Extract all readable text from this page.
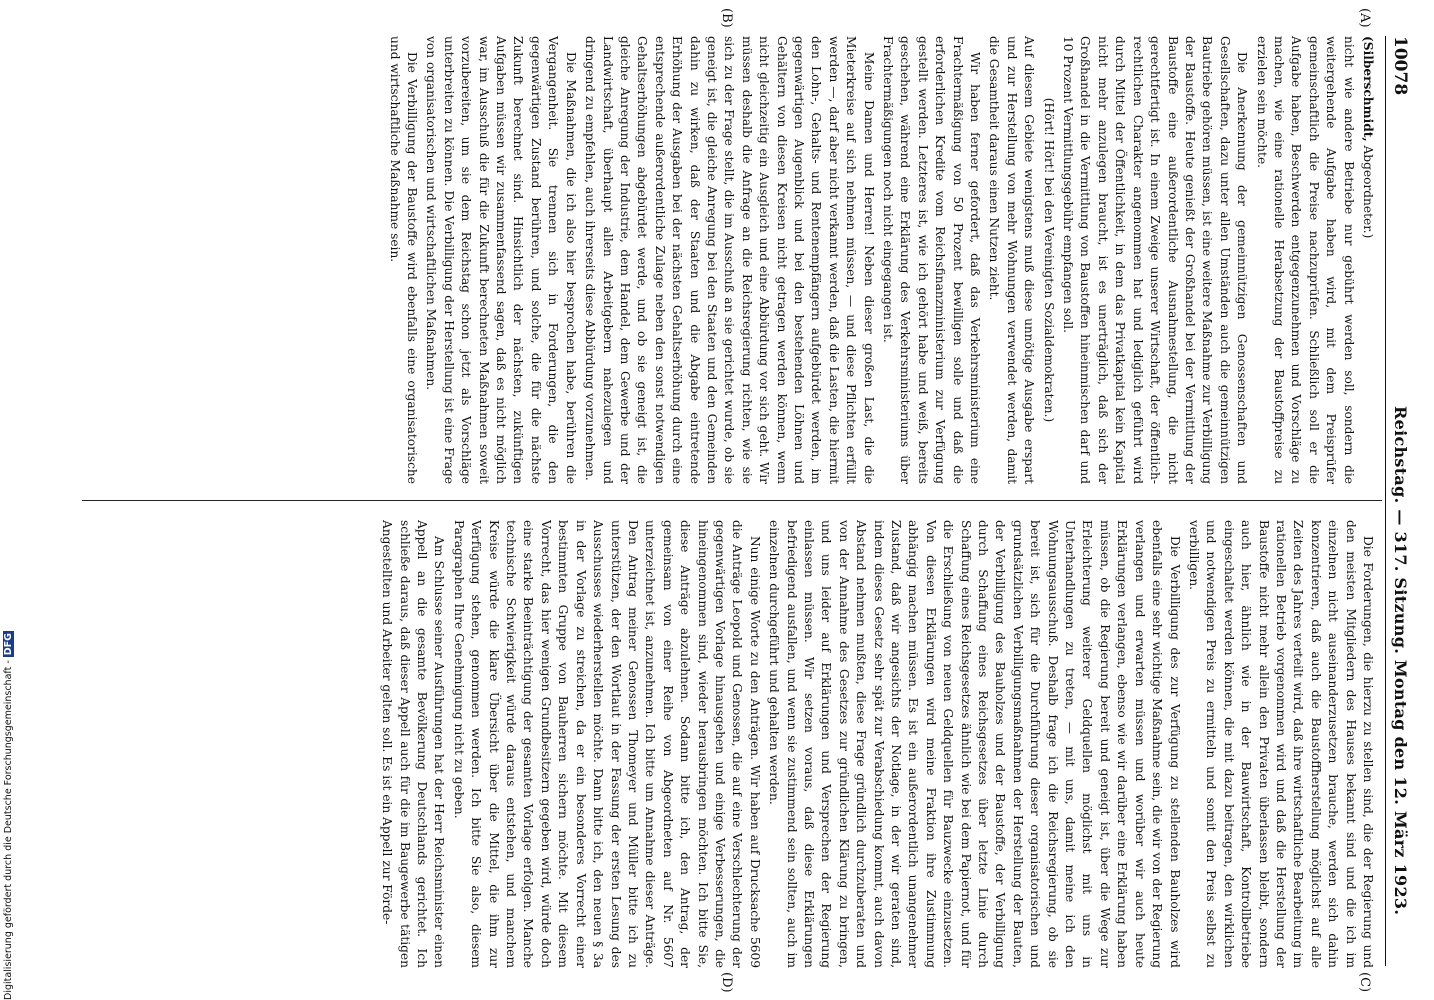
10078
Reichstag. — 317. Sitzung. Montag den 12. März 1923.
(A)
(B)
(C)
(D)

(Silberschmidt, Abgeordneter.)

nicht wie andere Betriebe nur gebührt werden soll, sondern die weitergehende Aufgabe haben wird, mit dem Preisprüfer gemeinschaftlich die Preise nachzuprüfen. Schließlich soll er die Aufgabe haben, Beschwerden entgegenzunehmen und Vorschläge zu machen, wie eine rationelle Herabsetzung der Baustoffpreise zu erzielen sein möchte.

Die Anerkennung der gemeinnützigen Genossenschaften und Gesellschaften, dazu unter allen Umständen auch die gemeinnützigen Bautriebe gehören müssen, ist eine weitere Maßnahme zur Verbilligung der Baustoffe. Heute genießt der Großhandel bei der Vermittlung der Baustoffe eine außerordentliche Ausnahmestellung, die nicht gerechtfertigt ist. In einem Zweige unserer Wirtschaft, der öffentlich-rechtlichen Charakter angenommen hat und lediglich geführt wird durch Mittel der Öffentlichkeit, in dem das Privatkapital kein Kapital nicht mehr anzulegen braucht, ist es unerträglich, daß sich der Großhandel in die Vermittlung von Baustoffen hineinmischen darf und 10 Prozent Vermittlungsgebühr empfangen soll.

(Hört! Hört! bei den Vereinigten Sozialdemokraten.)

Auf diesem Gebiete wenigstens muß diese unnötige Ausgabe erspart und zur Herstellung von mehr Wohnungen verwendet werden, damit die Gesamtheit daraus einen Nutzen zieht.

Wir haben ferner gefordert, daß das Verkehrsministerium eine Frachtermäßigung von 50 Prozent bewilligen solle und daß die erforderlichen Kredite vom Reichsfinanzministerium zur Verfügung gestellt werden. Letzteres ist, wie ich gehört habe und weiß, bereits geschehen, während eine Erklärung des Verkehrsministeriums über Frachtermäßigungen noch nicht eingegangen ist.

Meine Damen und Herren! Neben dieser großen Last, die die Mieterkreise auf sich nehmen müssen, — und diese Pflichten erfüllt werden —, darf aber nicht verkannt werden, daß die Lasten, die hiermit den Lohn-, Gehalts- und Rentenempfängern aufgebürdet werden, im gegenwärtigen Augenblick und bei den bestehenden Löhnen und Gehältern von diesen Kreisen nicht getragen werden können, wenn nicht gleichzeitig ein Ausgleich und eine Abbürdung vor sich geht. Wir müssen deshalb die Anfrage an die Reichsregierung richten, wie sie sich zu der Frage stellt, die im Ausschuß an sie gerichtet wurde, ob sie geneigt ist, die gleiche Anregung bei den Staaten und den Gemeinden dahin zu wirken, daß der Staaten und die Abgabe eintretende Erhöhung der Ausgaben bei der nächsten Gehaltserhöhung durch eine entsprechende außerordentliche Zulage neben den sonst notwendigen Gehaltserhöhungen abgebürdet werde, und ob sie geneigt ist, die gleiche Anregung der Industrie, dem Handel, dem Gewerbe und der Landwirtschaft, überhaupt allen Arbeitgebern nahezulegen und dringend zu empfehlen, auch ihrerseits diese Abbürdung vorzunehmen.

Die Maßnahmen, die ich also hier besprochen habe, berühren die Vergangenheit. Sie trennen sich in Forderungen, die den gegenwärtigen Zustand berühren, und solche, die für die nächste Zukunft berechnet sind. Hinsichtlich der nächsten, zukünftigen Aufgaben müssen wir zusammenfassend sagen, daß es nicht möglich war, im Ausschuß die für die Zukunft berechneten Maßnahmen soweit vorzubereiten, um sie dem Reichstag schon jetzt als Vorschläge unterbreiten zu können. Die Verbilligung der Herstellung ist eine Frage von organisatorischen und wirtschaftlichen Maßnahmen.

Die Verbilligung der Baustoffe wird ebenfalls eine organisatorische und wirtschaftliche Maßnahme sein.

Die Forderungen, die hierzu zu stellen sind, die der Regierung und den meisten Mitgliedern des Hauses bekannt sind und die ich im einzelnen nicht auseinanderzusetzen brauche, werden sich dahin konzentrieren, daß auch die Baustoffherstellung möglichst auf alle Zeiten des Jahres verteilt wird, daß ihre wirtschaftliche Bearbeitung im rationellen Betrieb vorgenommen wird und daß die Herstellung der Baustoffe nicht mehr allein den Privaten überlassen bleibt, sondern auch hier, ähnlich wie in der Bauwirtschaft, Kontrollbetriebe eingeschaltet werden können, die mit dazu beitragen, den wirklichen und notwendigen Preis zu ermitteln und somit den Preis selbst zu verbilligen.

Die Verbilligung des zur Verfügung zu stellenden Bauholzes wird ebenfalls eine sehr wichtige Maßnahme sein, die wir von der Regierung verlangen und erwarten müssen und worüber wir auch heute Erklärungen verlangen, ebenso wie wir darüber eine Erklärung haben müssen, ob die Regierung bereit und geneigt ist, über die Wege zur Erleichterung weiterer Geldquellen möglichst mit uns in Unterhandlungen zu treten, — mit uns, damit meine ich den Wohnungsausschuß. Deshalb frage ich die Reichsregierung, ob sie bereit ist, sich für die Durchführung dieser organisatorischen und grundsätzlichen Verbilligungsmaßnahmen der Herstellung der Bauten, der Verbilligung des Bauholzes und der Baustoffe, der Verbilligung durch Schaffung eines Reichsgesetzes über letzte Linie durch Schaffung eines Reichsgesetzes ähnlich wie bei dem Papiernot, und für die Erschließung von neuen Geldquellen für Bauzwecke einzusetzen. Von diesen Erklärungen wird meine Fraktion ihre Zustimmung abhängig machen müssen. Es ist ein außerordentlich unangenehmer Zustand, daß wir angesichts der Notlage, in der wir geraten sind, indem dieses Gesetz sehr spät zur Verabschiedung kommt, auch davon Abstand nehmen mußten, diese Frage gründlich durchzuberaten und von der Annahme des Gesetzes zur gründlichen Klärung zu bringen, und uns leider auf Erklärungen und Versprechen der Regierung einlassen müssen. Wir setzen voraus, daß diese Erklärungen befriedigend ausfallen, und wenn sie zustimmend sein sollten, auch im einzelnen durchgeführt und gehalten werden.

Nun einige Worte zu den Anträgen. Wir haben auf Drucksache 5609 die Anträge Leopold und Genossen, die auf eine Verschlechterung der gegenwärtigen Vorlage hinausgehen und einige Verbesserungen, die hineingenommen sind, wieder herausbringen möchten. Ich bitte Sie, diese Anträge abzulehnen. Sodann bitte ich, den Antrag, der gemeinsam von einer Reihe von Abgeordneten auf Nr. 5607 unterzeichnet ist, anzunehmen. Ich bitte um Annahme dieser Anträge. Den Antrag meiner Genossen Thomeyer und Müller bitte ich zu unterstützen, der den Wortlaut in der Fassung der ersten Lesung des Ausschusses wiederherstellen möchte. Dann bitte ich, den neuen § 3a in der Vorlage zu streichen, da er ein besonderes Vorrecht einer bestimmten Gruppe von Bauherren sichern möchte. Mit diesem Vorrecht, das hier wenigen Grundbesitzern gegeben wird, würde doch eine starke Beeinträchtigung der gesamten Vorlage erfolgen. Manche technische Schwierigkeit würde daraus entstehen, und manchem Kreise würde die klare Übersicht über die Mittel, die ihm zur Verfügung stehen, genommen werden. Ich bitte Sie also, diesem Paragraphen Ihre Genehmigung nicht zu geben.

Am Schlusse seiner Ausführungen hat der Herr Reichsminister einen Appell an die gesamte Bevölkerung Deutschlands gerichtet. Ich schließe daraus, daß dieser Appell auch für die im Baugewerbe tätigen Angestellten und Arbeiter gelten soll. Es ist ein Appell zur Förde-

Digitalisierung gefördert durch die Deutsche Forschungsgemeinschaft -DFG
